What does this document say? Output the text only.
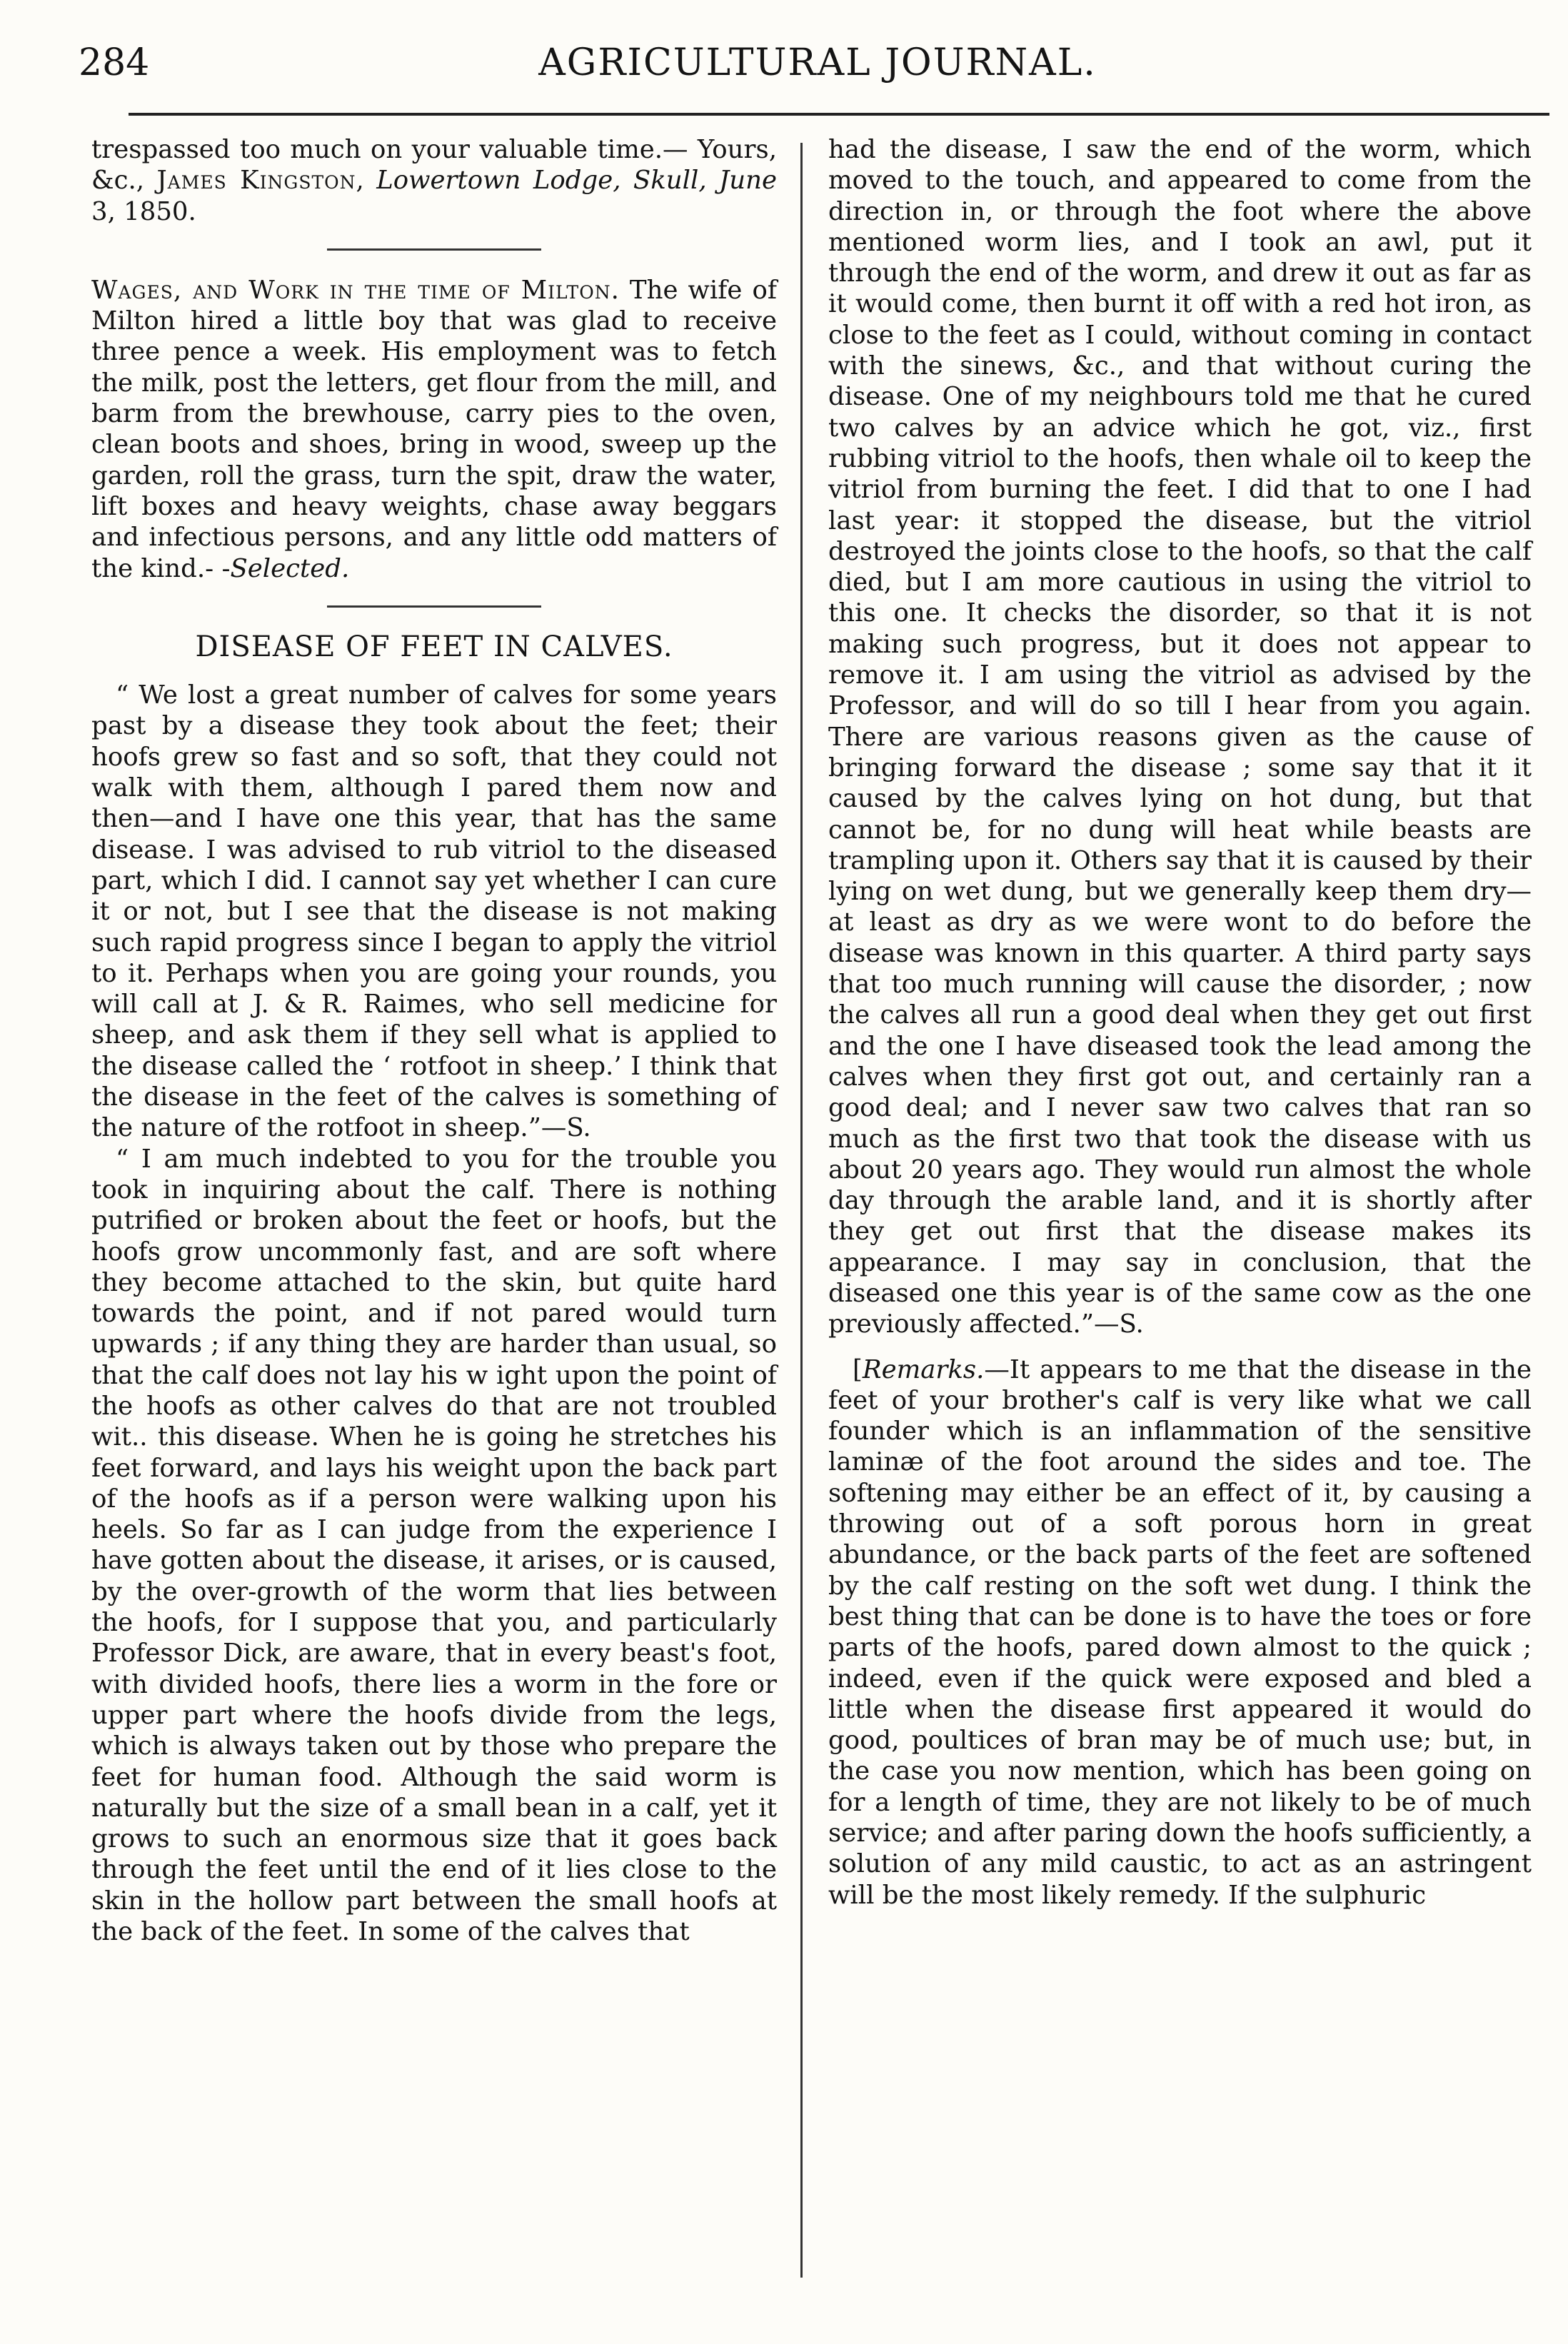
284	AGRICULTURAL JOURNAL.

trespassed too much on your valuable time.— Yours, &c., James Kingston, Lowertown Lodge, Skull, June 3, 1850.

Wages, and Work in the time of Milton. The wife of Milton hired a little boy that was glad to receive three pence a week. His employment was to fetch the milk, post the letters, get flour from the mill, and barm from the brewhouse, carry pies to the oven, clean boots and shoes, bring in wood, sweep up the garden, roll the grass, turn the spit, draw the water, lift boxes and heavy weights, chase away beggars and infectious persons, and any little odd matters of the kind.- -Selected.

DISEASE OF FEET IN CALVES.

“ We lost a great number of calves for some years past by a disease they took about the feet; their hoofs grew so fast and so soft, that they could not walk with them, although I pared them now and then—and I have one this year, that has the same disease. I was advised to rub vitriol to the diseased part, which I did. I cannot say yet whether I can cure it or not, but I see that the disease is not making such rapid progress since I began to apply the vitriol to it. Perhaps when you are going your rounds, you will call at J. & R. Raimes, who sell medicine for sheep, and ask them if they sell what is applied to the disease called the ‘ rotfoot in sheep.’ I think that the disease in the feet of the calves is something of the nature of the rotfoot in sheep.”—S.

“ I am much indebted to you for the trouble you took in inquiring about the calf. There is nothing putrified or broken about the feet or hoofs, but the hoofs grow uncommonly fast, and are soft where they become attached to the skin, but quite hard towards the point, and if not pared would turn upwards ; if any thing they are harder than usual, so that the calf does not lay his w ight upon the point of the hoofs as other calves do that are not troubled wit.. this disease. When he is going he stretches his feet forward, and lays his weight upon the back part of the hoofs as if a person were walking upon his heels. So far as I can judge from the experience I have gotten about the disease, it arises, or is caused, by the over-growth of the worm that lies between the hoofs, for I suppose that you, and particularly Professor Dick, are aware, that in every beast's foot, with divided hoofs, there lies a worm in the fore or upper part where the hoofs divide from the legs, which is always taken out by those who prepare the feet for human food. Although the said worm is naturally but the size of a small bean in a calf, yet it grows to such an enormous size that it goes back through the feet until the end of it lies close to the skin in the hollow part between the small hoofs at the back of the feet. In some of the calves that

had the disease, I saw the end of the worm, which moved to the touch, and appeared to come from the direction in, or through the foot where the above mentioned worm lies, and I took an awl, put it through the end of the worm, and drew it out as far as it would come, then burnt it off with a red hot iron, as close to the feet as I could, without coming in contact with the sinews, &c., and that without curing the disease. One of my neighbours told me that he cured two calves by an advice which he got, viz., first rubbing vitriol to the hoofs, then whale oil to keep the vitriol from burning the feet. I did that to one I had last year: it stopped the disease, but the vitriol destroyed the joints close to the hoofs, so that the calf died, but I am more cautious in using the vitriol to this one. It checks the disorder, so that it is not making such progress, but it does not appear to remove it. I am using the vitriol as advised by the Professor, and will do so till I hear from you again. There are various reasons given as the cause of bringing forward the disease ; some say that it it caused by the calves lying on hot dung, but that cannot be, for no dung will heat while beasts are trampling upon it. Others say that it is caused by their lying on wet dung, but we generally keep them dry—at least as dry as we were wont to do before the disease was known in this quarter. A third party says that too much running will cause the disorder, ; now the calves all run a good deal when they get out first and the one I have diseased took the lead among the calves when they first got out, and certainly ran a good deal; and I never saw two calves that ran so much as the first two that took the disease with us about 20 years ago. They would run almost the whole day through the arable land, and it is shortly after they get out first that the disease makes its appearance. I may say in conclusion, that the diseased one this year is of the same cow as the one previously affected.”—S.

[Remarks.—It appears to me that the disease in the feet of your brother's calf is very like what we call founder which is an inflammation of the sensitive laminæ of the foot around the sides and toe. The softening may either be an effect of it, by causing a throwing out of a soft porous horn in great abundance, or the back parts of the feet are softened by the calf resting on the soft wet dung. I think the best thing that can be done is to have the toes or fore parts of the hoofs, pared down almost to the quick ; indeed, even if the quick were exposed and bled a little when the disease first appeared it would do good, poultices of bran may be of much use; but, in the case you now mention, which has been going on for a length of time, they are not likely to be of much service; and after paring down the hoofs sufficiently, a solution of any mild caustic, to act as an astringent will be the most likely remedy. If the sulphuric
